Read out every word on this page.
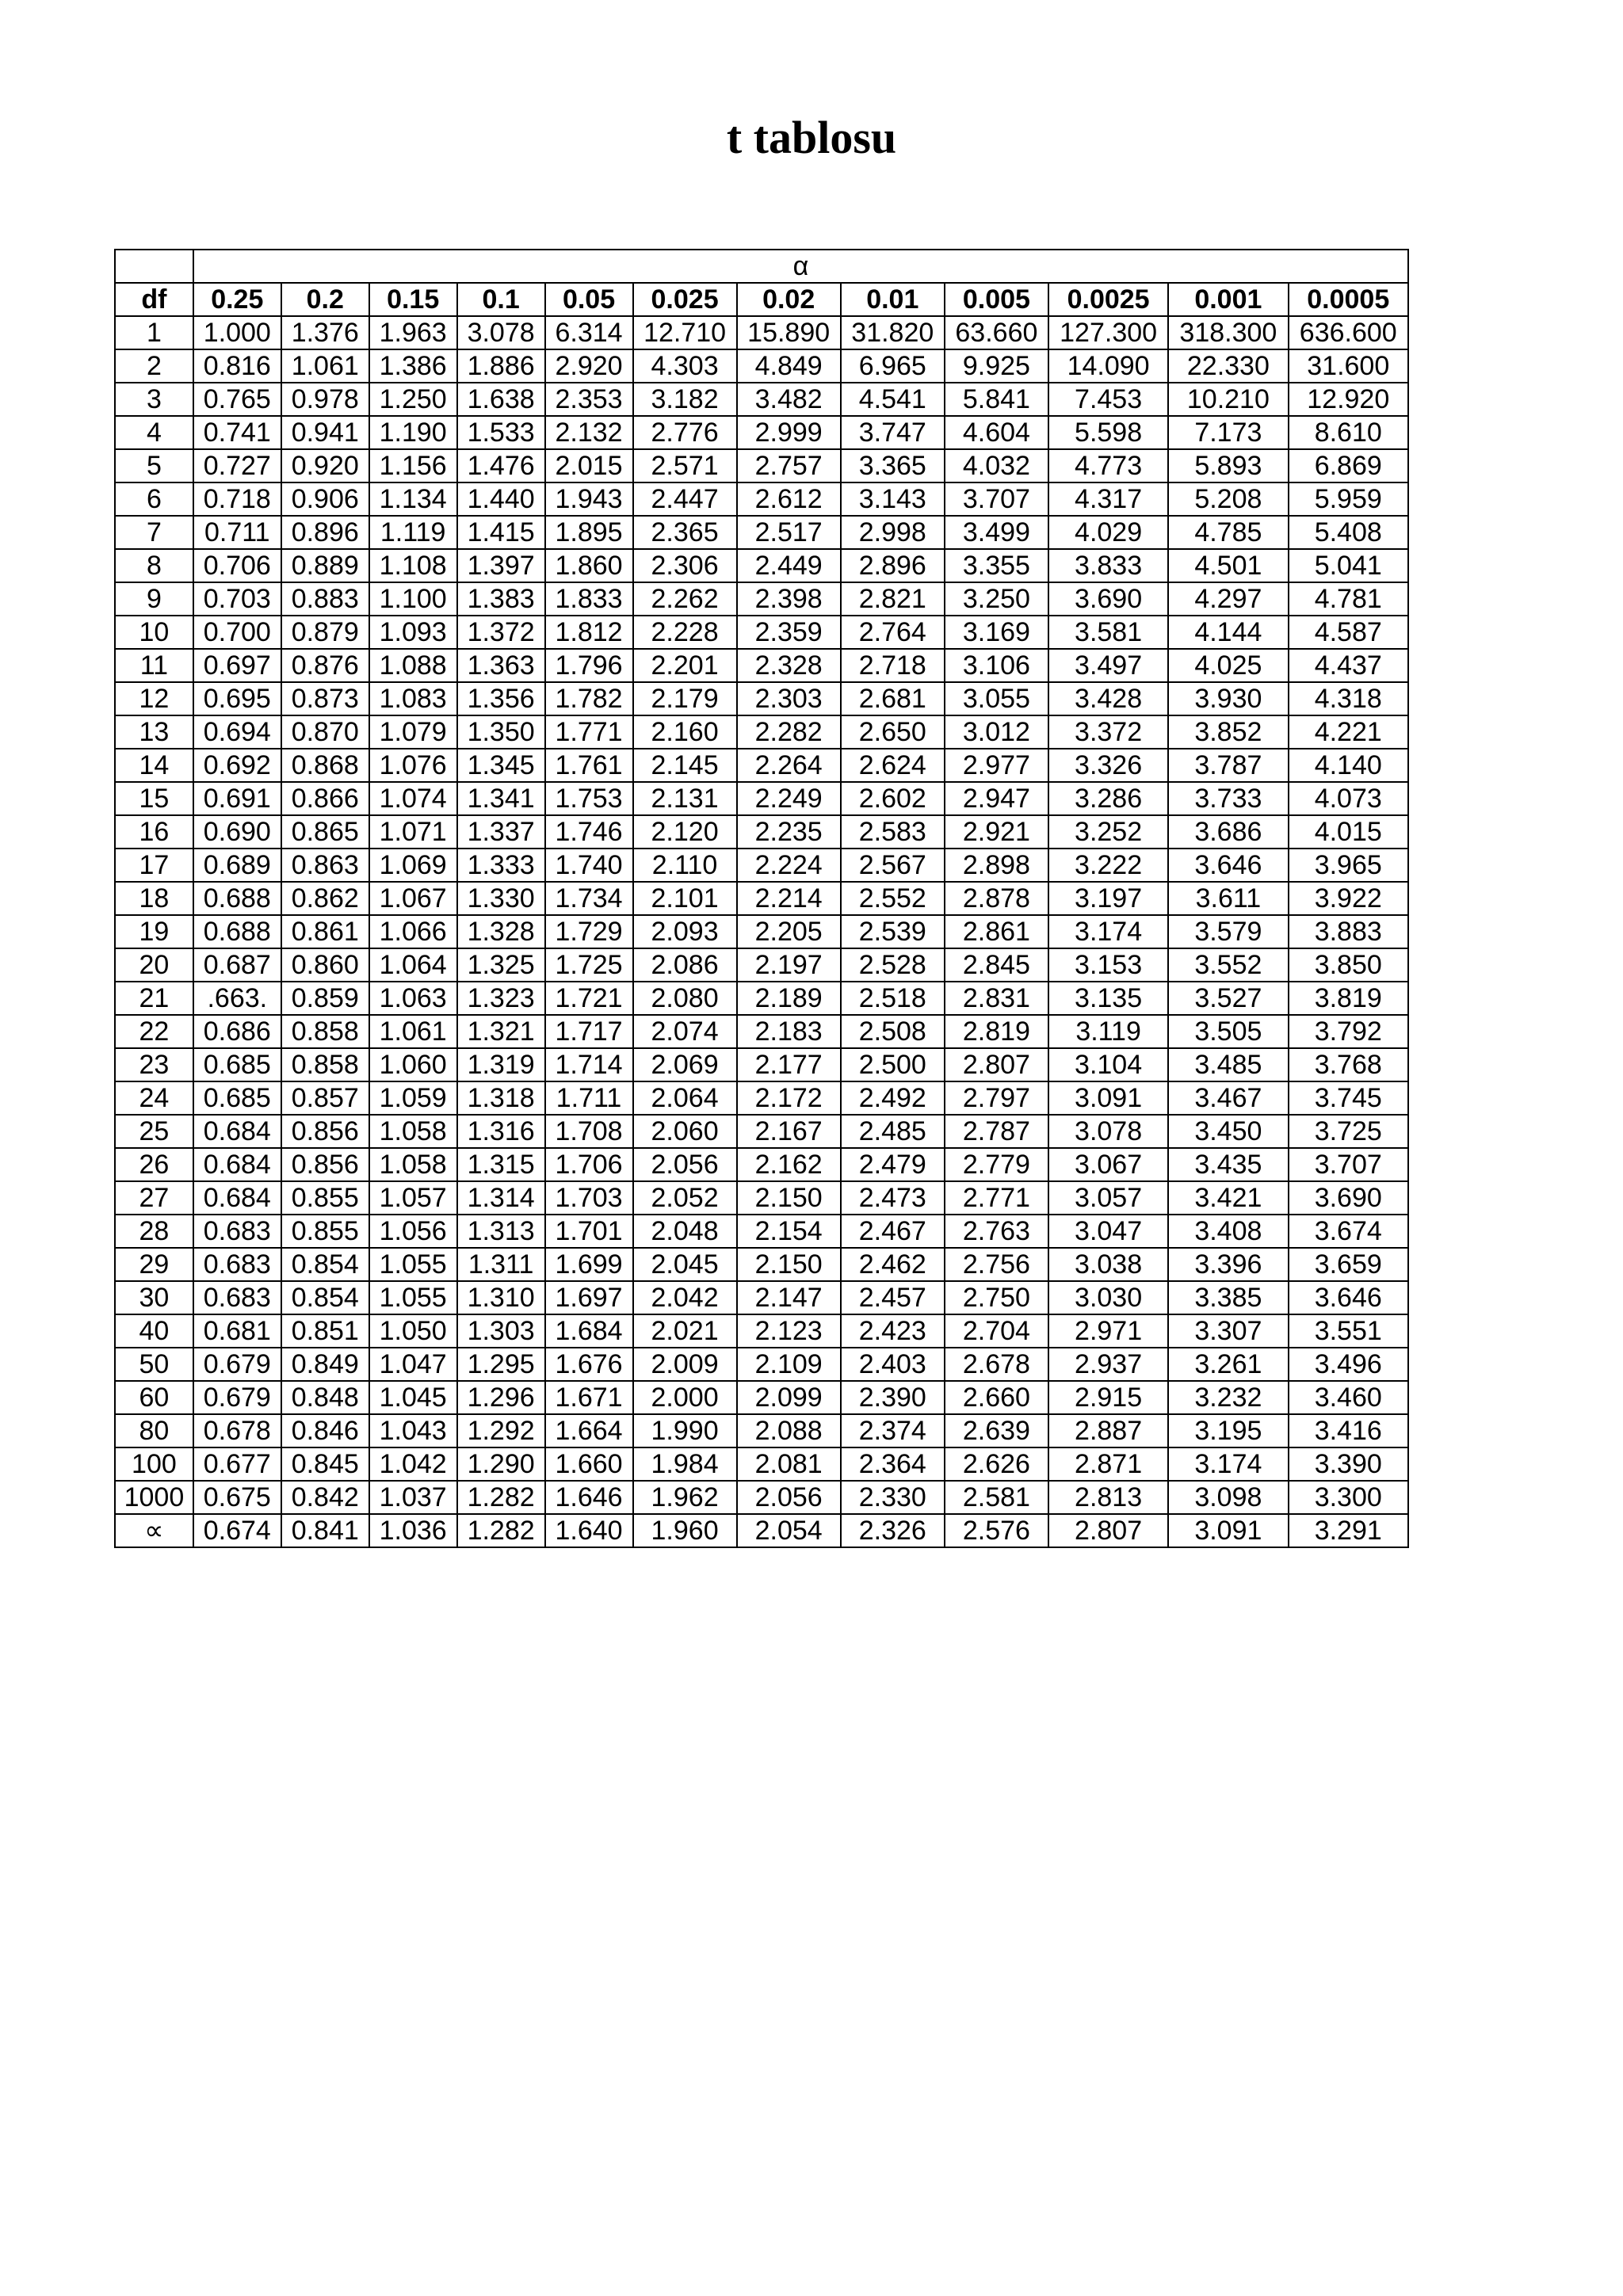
t tablosu
	α											
df	0.25	0.2	0.15	0.1	0.05	0.025	0.02	0.01	0.005	0.0025	0.001	0.0005
1	1.000	1.376	1.963	3.078	6.314	12.710	15.890	31.820	63.660	127.300	318.300	636.600
2	0.816	1.061	1.386	1.886	2.920	4.303	4.849	6.965	9.925	14.090	22.330	31.600
3	0.765	0.978	1.250	1.638	2.353	3.182	3.482	4.541	5.841	7.453	10.210	12.920
4	0.741	0.941	1.190	1.533	2.132	2.776	2.999	3.747	4.604	5.598	7.173	8.610
5	0.727	0.920	1.156	1.476	2.015	2.571	2.757	3.365	4.032	4.773	5.893	6.869
6	0.718	0.906	1.134	1.440	1.943	2.447	2.612	3.143	3.707	4.317	5.208	5.959
7	0.711	0.896	1.119	1.415	1.895	2.365	2.517	2.998	3.499	4.029	4.785	5.408
8	0.706	0.889	1.108	1.397	1.860	2.306	2.449	2.896	3.355	3.833	4.501	5.041
9	0.703	0.883	1.100	1.383	1.833	2.262	2.398	2.821	3.250	3.690	4.297	4.781
10	0.700	0.879	1.093	1.372	1.812	2.228	2.359	2.764	3.169	3.581	4.144	4.587
11	0.697	0.876	1.088	1.363	1.796	2.201	2.328	2.718	3.106	3.497	4.025	4.437
12	0.695	0.873	1.083	1.356	1.782	2.179	2.303	2.681	3.055	3.428	3.930	4.318
13	0.694	0.870	1.079	1.350	1.771	2.160	2.282	2.650	3.012	3.372	3.852	4.221
14	0.692	0.868	1.076	1.345	1.761	2.145	2.264	2.624	2.977	3.326	3.787	4.140
15	0.691	0.866	1.074	1.341	1.753	2.131	2.249	2.602	2.947	3.286	3.733	4.073
16	0.690	0.865	1.071	1.337	1.746	2.120	2.235	2.583	2.921	3.252	3.686	4.015
17	0.689	0.863	1.069	1.333	1.740	2.110	2.224	2.567	2.898	3.222	3.646	3.965
18	0.688	0.862	1.067	1.330	1.734	2.101	2.214	2.552	2.878	3.197	3.611	3.922
19	0.688	0.861	1.066	1.328	1.729	2.093	2.205	2.539	2.861	3.174	3.579	3.883
20	0.687	0.860	1.064	1.325	1.725	2.086	2.197	2.528	2.845	3.153	3.552	3.850
21	.663.	0.859	1.063	1.323	1.721	2.080	2.189	2.518	2.831	3.135	3.527	3.819
22	0.686	0.858	1.061	1.321	1.717	2.074	2.183	2.508	2.819	3.119	3.505	3.792
23	0.685	0.858	1.060	1.319	1.714	2.069	2.177	2.500	2.807	3.104	3.485	3.768
24	0.685	0.857	1.059	1.318	1.711	2.064	2.172	2.492	2.797	3.091	3.467	3.745
25	0.684	0.856	1.058	1.316	1.708	2.060	2.167	2.485	2.787	3.078	3.450	3.725
26	0.684	0.856	1.058	1.315	1.706	2.056	2.162	2.479	2.779	3.067	3.435	3.707
27	0.684	0.855	1.057	1.314	1.703	2.052	2.150	2.473	2.771	3.057	3.421	3.690
28	0.683	0.855	1.056	1.313	1.701	2.048	2.154	2.467	2.763	3.047	3.408	3.674
29	0.683	0.854	1.055	1.311	1.699	2.045	2.150	2.462	2.756	3.038	3.396	3.659
30	0.683	0.854	1.055	1.310	1.697	2.042	2.147	2.457	2.750	3.030	3.385	3.646
40	0.681	0.851	1.050	1.303	1.684	2.021	2.123	2.423	2.704	2.971	3.307	3.551
50	0.679	0.849	1.047	1.295	1.676	2.009	2.109	2.403	2.678	2.937	3.261	3.496
60	0.679	0.848	1.045	1.296	1.671	2.000	2.099	2.390	2.660	2.915	3.232	3.460
80	0.678	0.846	1.043	1.292	1.664	1.990	2.088	2.374	2.639	2.887	3.195	3.416
100	0.677	0.845	1.042	1.290	1.660	1.984	2.081	2.364	2.626	2.871	3.174	3.390
1000	0.675	0.842	1.037	1.282	1.646	1.962	2.056	2.330	2.581	2.813	3.098	3.300
∝	0.674	0.841	1.036	1.282	1.640	1.960	2.054	2.326	2.576	2.807	3.091	3.291
